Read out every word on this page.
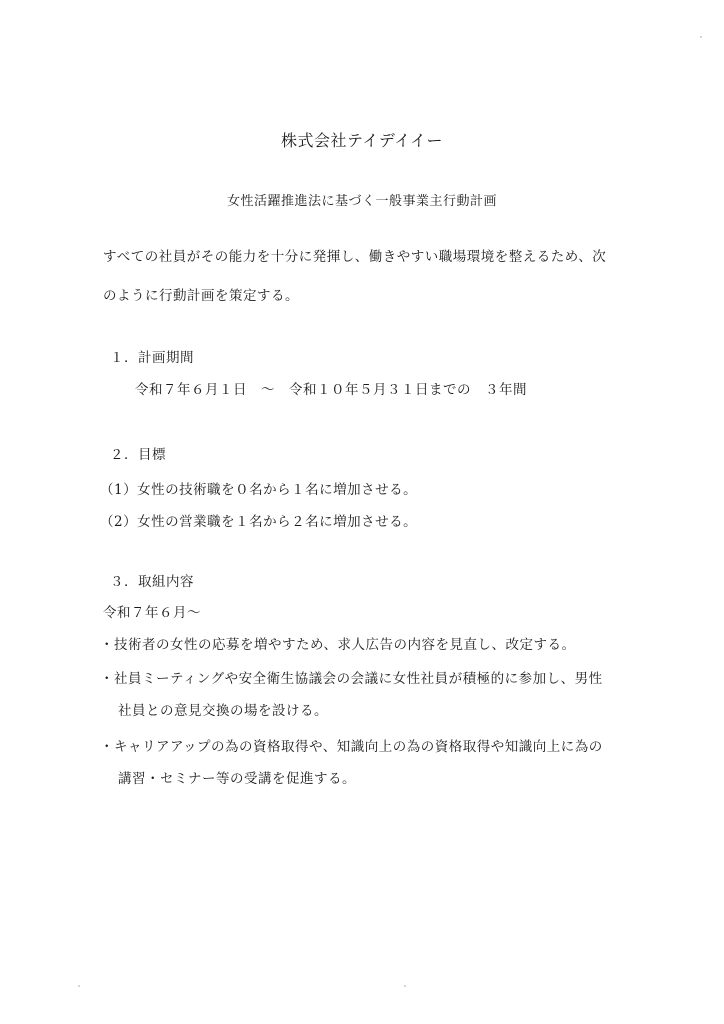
株式会社テイデイイー
女性活躍推進法に基づく一般事業主行動計画
すべての社員がその能力を十分に発揮し、働きやすい職場環境を整えるため、次
のように行動計画を策定する。
１．計画期間
令和７年６月１日　～　令和１０年５月３１日までの　３年間
２．目標
（1）女性の技術職を０名から１名に増加させる。
（2）女性の営業職を１名から２名に増加させる。
３．取組内容
令和７年６月～
・技術者の女性の応募を増やすため、求人広告の内容を見直し、改定する。
・社員ミーティングや安全衛生協議会の会議に女性社員が積極的に参加し、男性
社員との意見交換の場を設ける。
・キャリアアップの為の資格取得や、知識向上の為の資格取得や知識向上に為の
講習・セミナー等の受講を促進する。
